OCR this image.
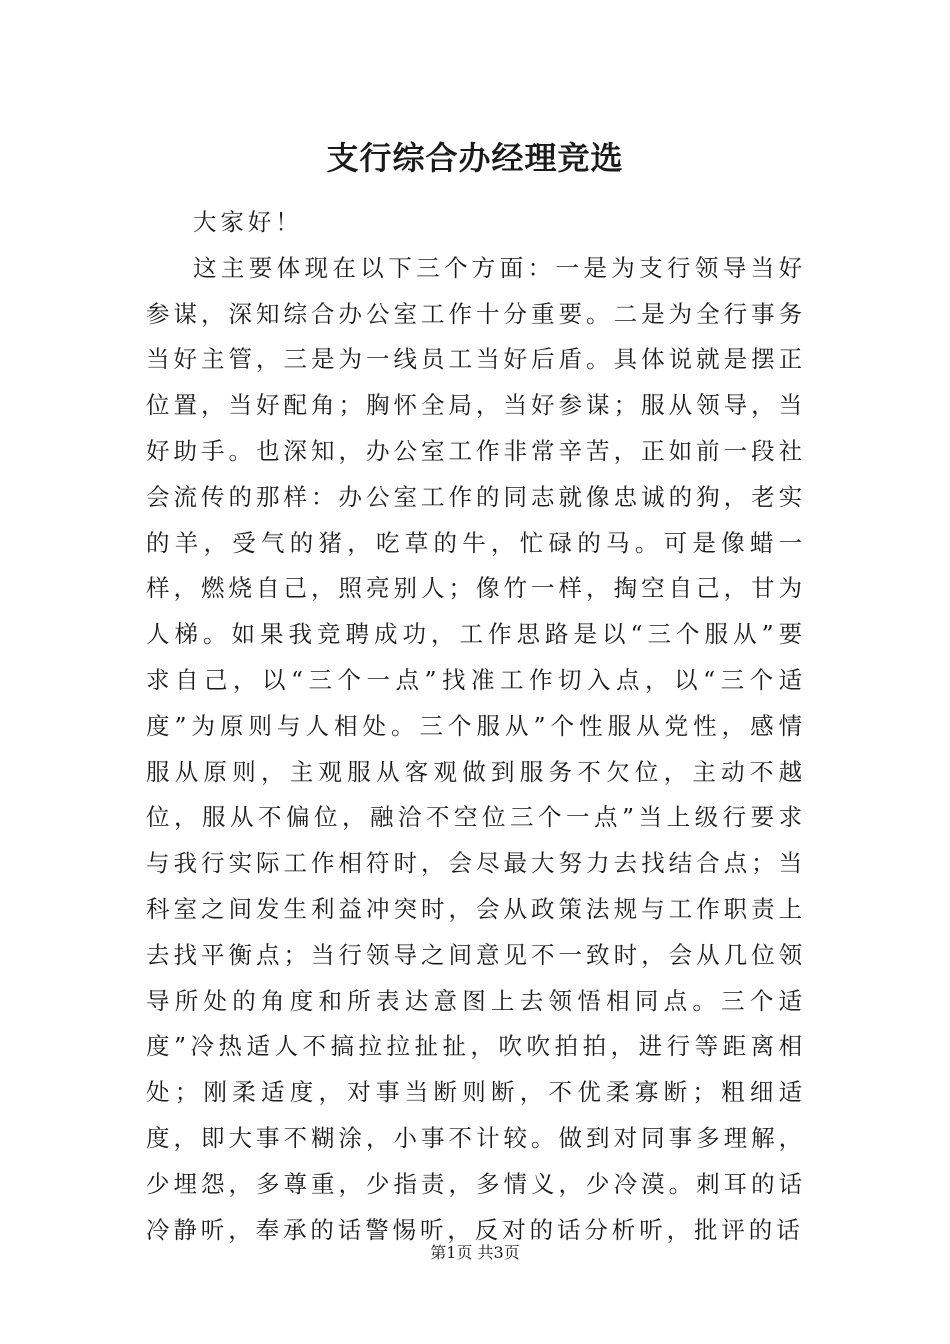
支行综合办经理竞选

大家好！

这主要体现在以下三个方面：一是为支行领导当好参谋，深知综合办公室工作十分重要。二是为全行事务当好主管，三是为一线员工当好后盾。具体说就是摆正位置，当好配角；胸怀全局，当好参谋；服从领导，当好助手。也深知，办公室工作非常辛苦，正如前一段社会流传的那样：办公室工作的同志就像忠诚的狗，老实的羊，受气的猪，吃草的牛，忙碌的马。可是像蜡一样，燃烧自己，照亮别人；像竹一样，掏空自己，甘为人梯。如果我竞聘成功，工作思路是以“三个服从”要求自己，以“三个一点”找准工作切入点，以“三个适度”为原则与人相处。三个服从”个性服从党性，感情服从原则，主观服从客观做到服务不欠位，主动不越位，服从不偏位，融洽不空位三个一点”当上级行要求与我行实际工作相符时，会尽最大努力去找结合点；当科室之间发生利益冲突时，会从政策法规与工作职责上去找平衡点；当行领导之间意见不一致时，会从几位领导所处的角度和所表达意图上去领悟相同点。三个适度”冷热适人不搞拉拉扯扯，吹吹拍拍，进行等距离相处；刚柔适度，对事当断则断，不优柔寡断；粗细适度，即大事不糊涂，小事不计较。做到对同事多理解，少埋怨，多尊重，少指责，多情义，少冷漠。刺耳的话冷静听，奉承的话警惕听，反对的话分析听，批评的话

第1页 共3页
